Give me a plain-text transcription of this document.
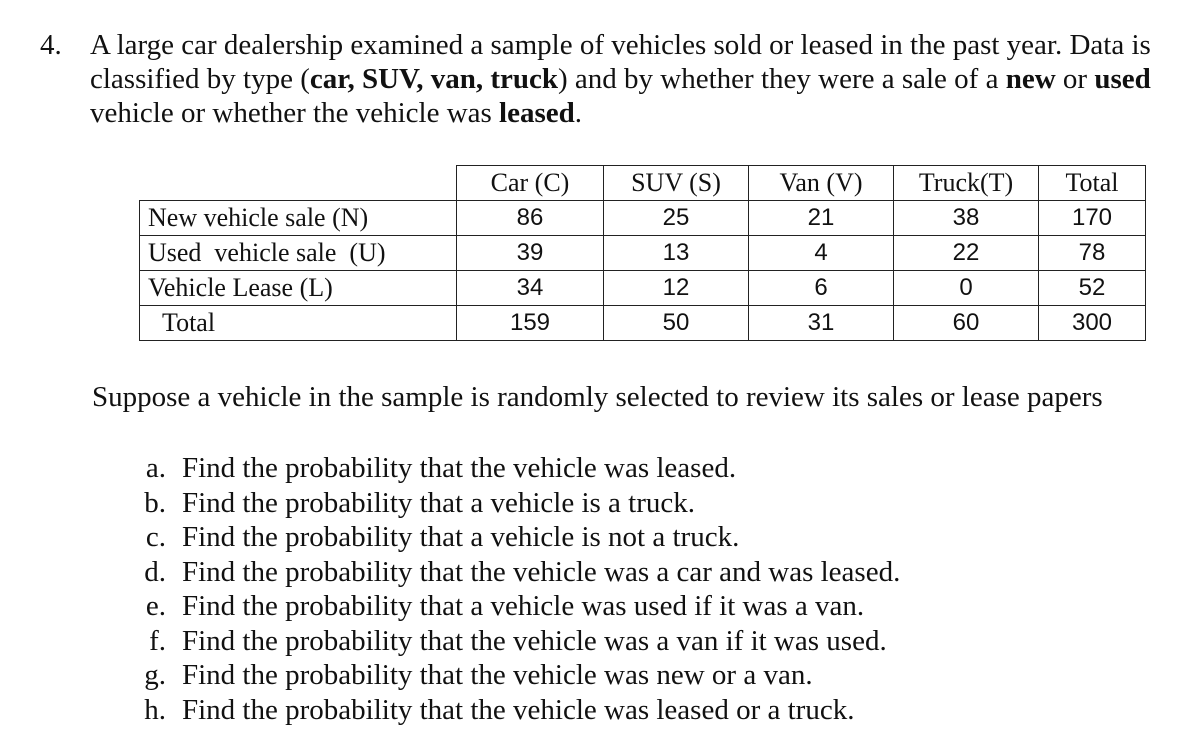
4. A large car dealership examined a sample of vehicles sold or leased in the past year. Data is classified by type (car, SUV, van, truck) and by whether they were a sale of a new or used vehicle or whether the vehicle was leased.
	Car (C)	SUV (S)	Van (V)	Truck(T)	Total
New vehicle sale (N)	86	25	21	38	170
Used  vehicle sale  (U)	39	13	4	22	78
Vehicle Lease (L)	34	12	6	0	52
Total	159	50	31	60	300
Suppose a vehicle in the sample is randomly selected to review its sales or lease papers
a. Find the probability that the vehicle was leased.
b. Find the probability that a vehicle is a truck.
c. Find the probability that a vehicle is not a truck.
d. Find the probability that the vehicle was a car and was leased.
e. Find the probability that a vehicle was used if it was a van.
f. Find the probability that the vehicle was a van if it was used.
g. Find the probability that the vehicle was new or a van.
h. Find the probability that the vehicle was leased or a truck.
